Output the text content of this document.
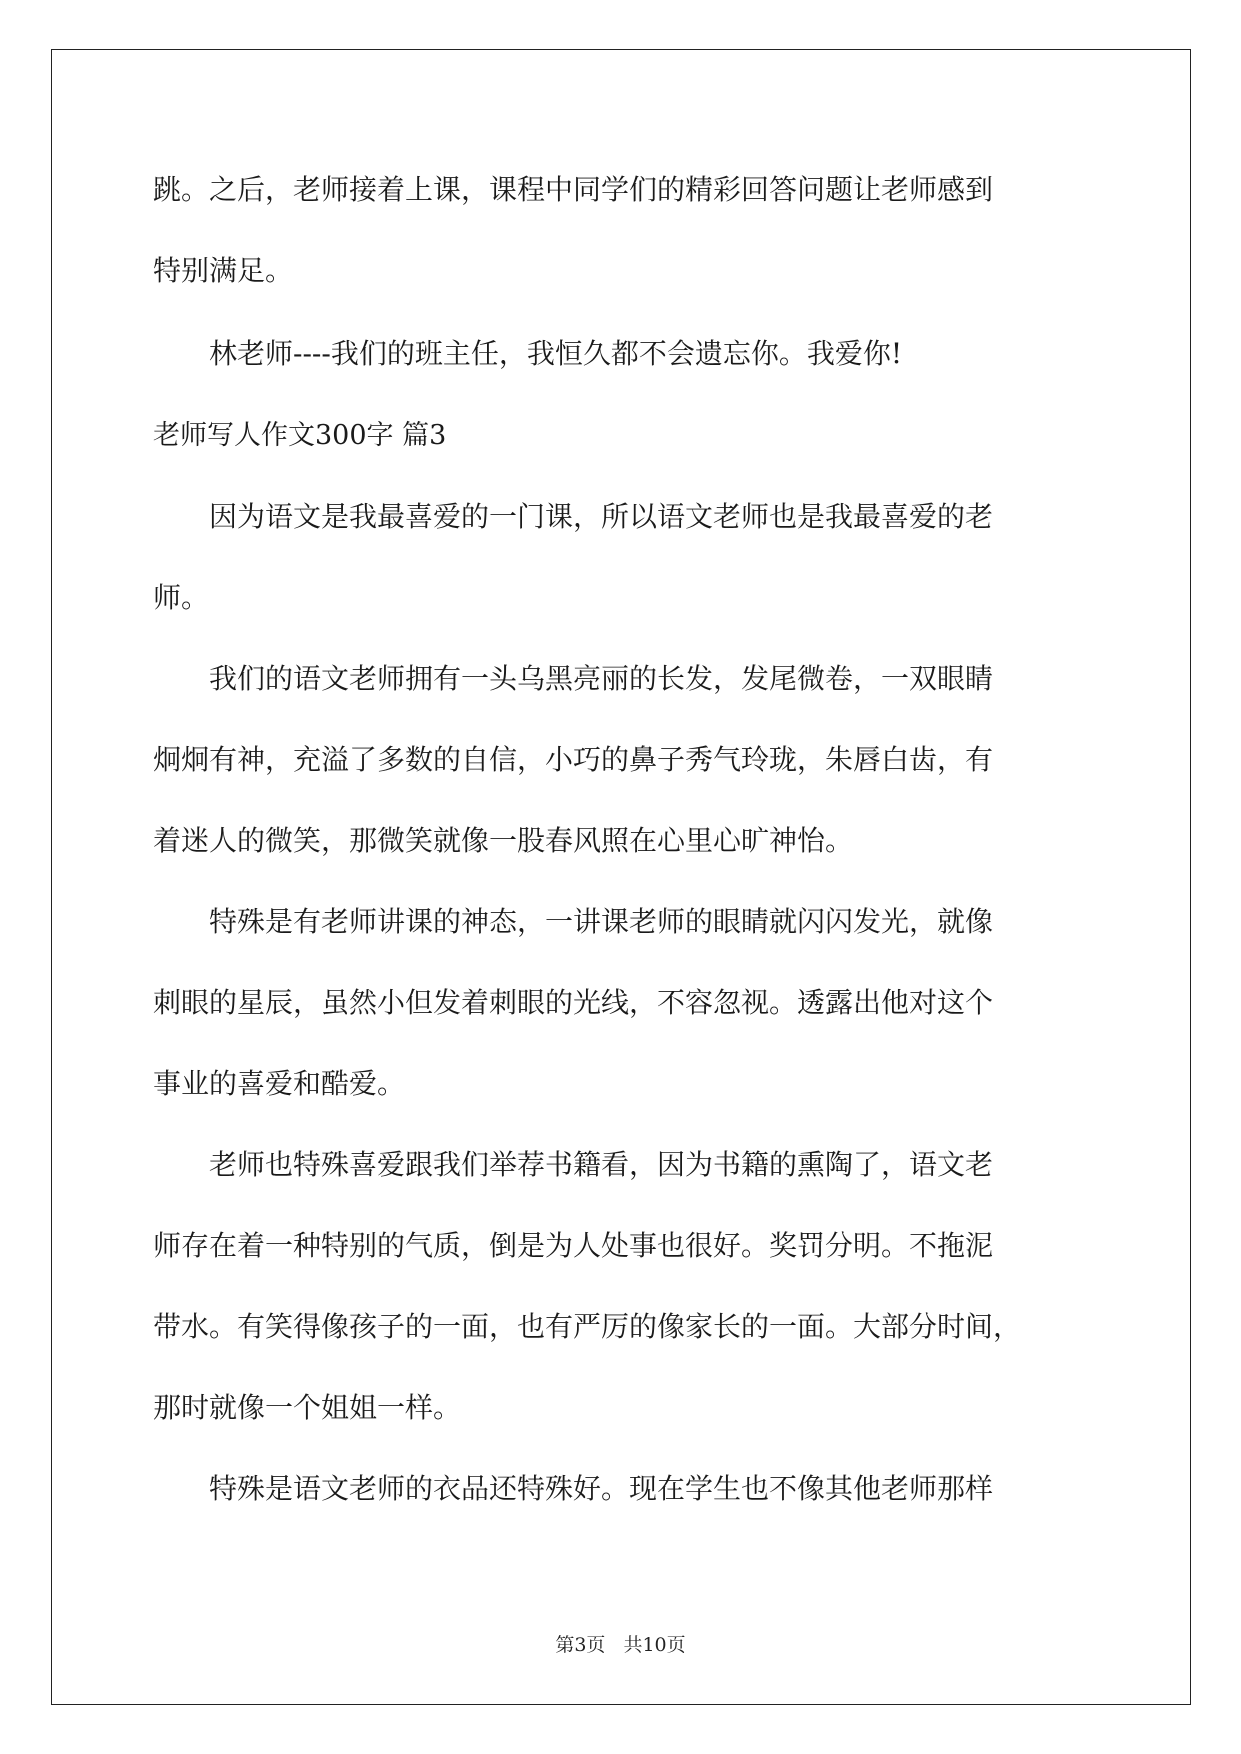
跳。之后，老师接着上课，课程中同学们的精彩回答问题让老师感到
特别满足。
　　林老师----我们的班主任，我恒久都不会遗忘你。我爱你!
老师写人作文300字 篇3
　　因为语文是我最喜爱的一门课，所以语文老师也是我最喜爱的老
师。
　　我们的语文老师拥有一头乌黑亮丽的长发，发尾微卷，一双眼睛
炯炯有神，充溢了多数的自信，小巧的鼻子秀气玲珑，朱唇白齿，有
着迷人的微笑，那微笑就像一股春风照在心里心旷神怡。
　　特殊是有老师讲课的神态，一讲课老师的眼睛就闪闪发光，就像
刺眼的星辰，虽然小但发着刺眼的光线，不容忽视。透露出他对这个
事业的喜爱和酷爱。
　　老师也特殊喜爱跟我们举荐书籍看，因为书籍的熏陶了，语文老
师存在着一种特别的气质，倒是为人处事也很好。奖罚分明。不拖泥
带水。有笑得像孩子的一面，也有严厉的像家长的一面。大部分时间，
那时就像一个姐姐一样。
　　特殊是语文老师的衣品还特殊好。现在学生也不像其他老师那样
第3页 共10页
